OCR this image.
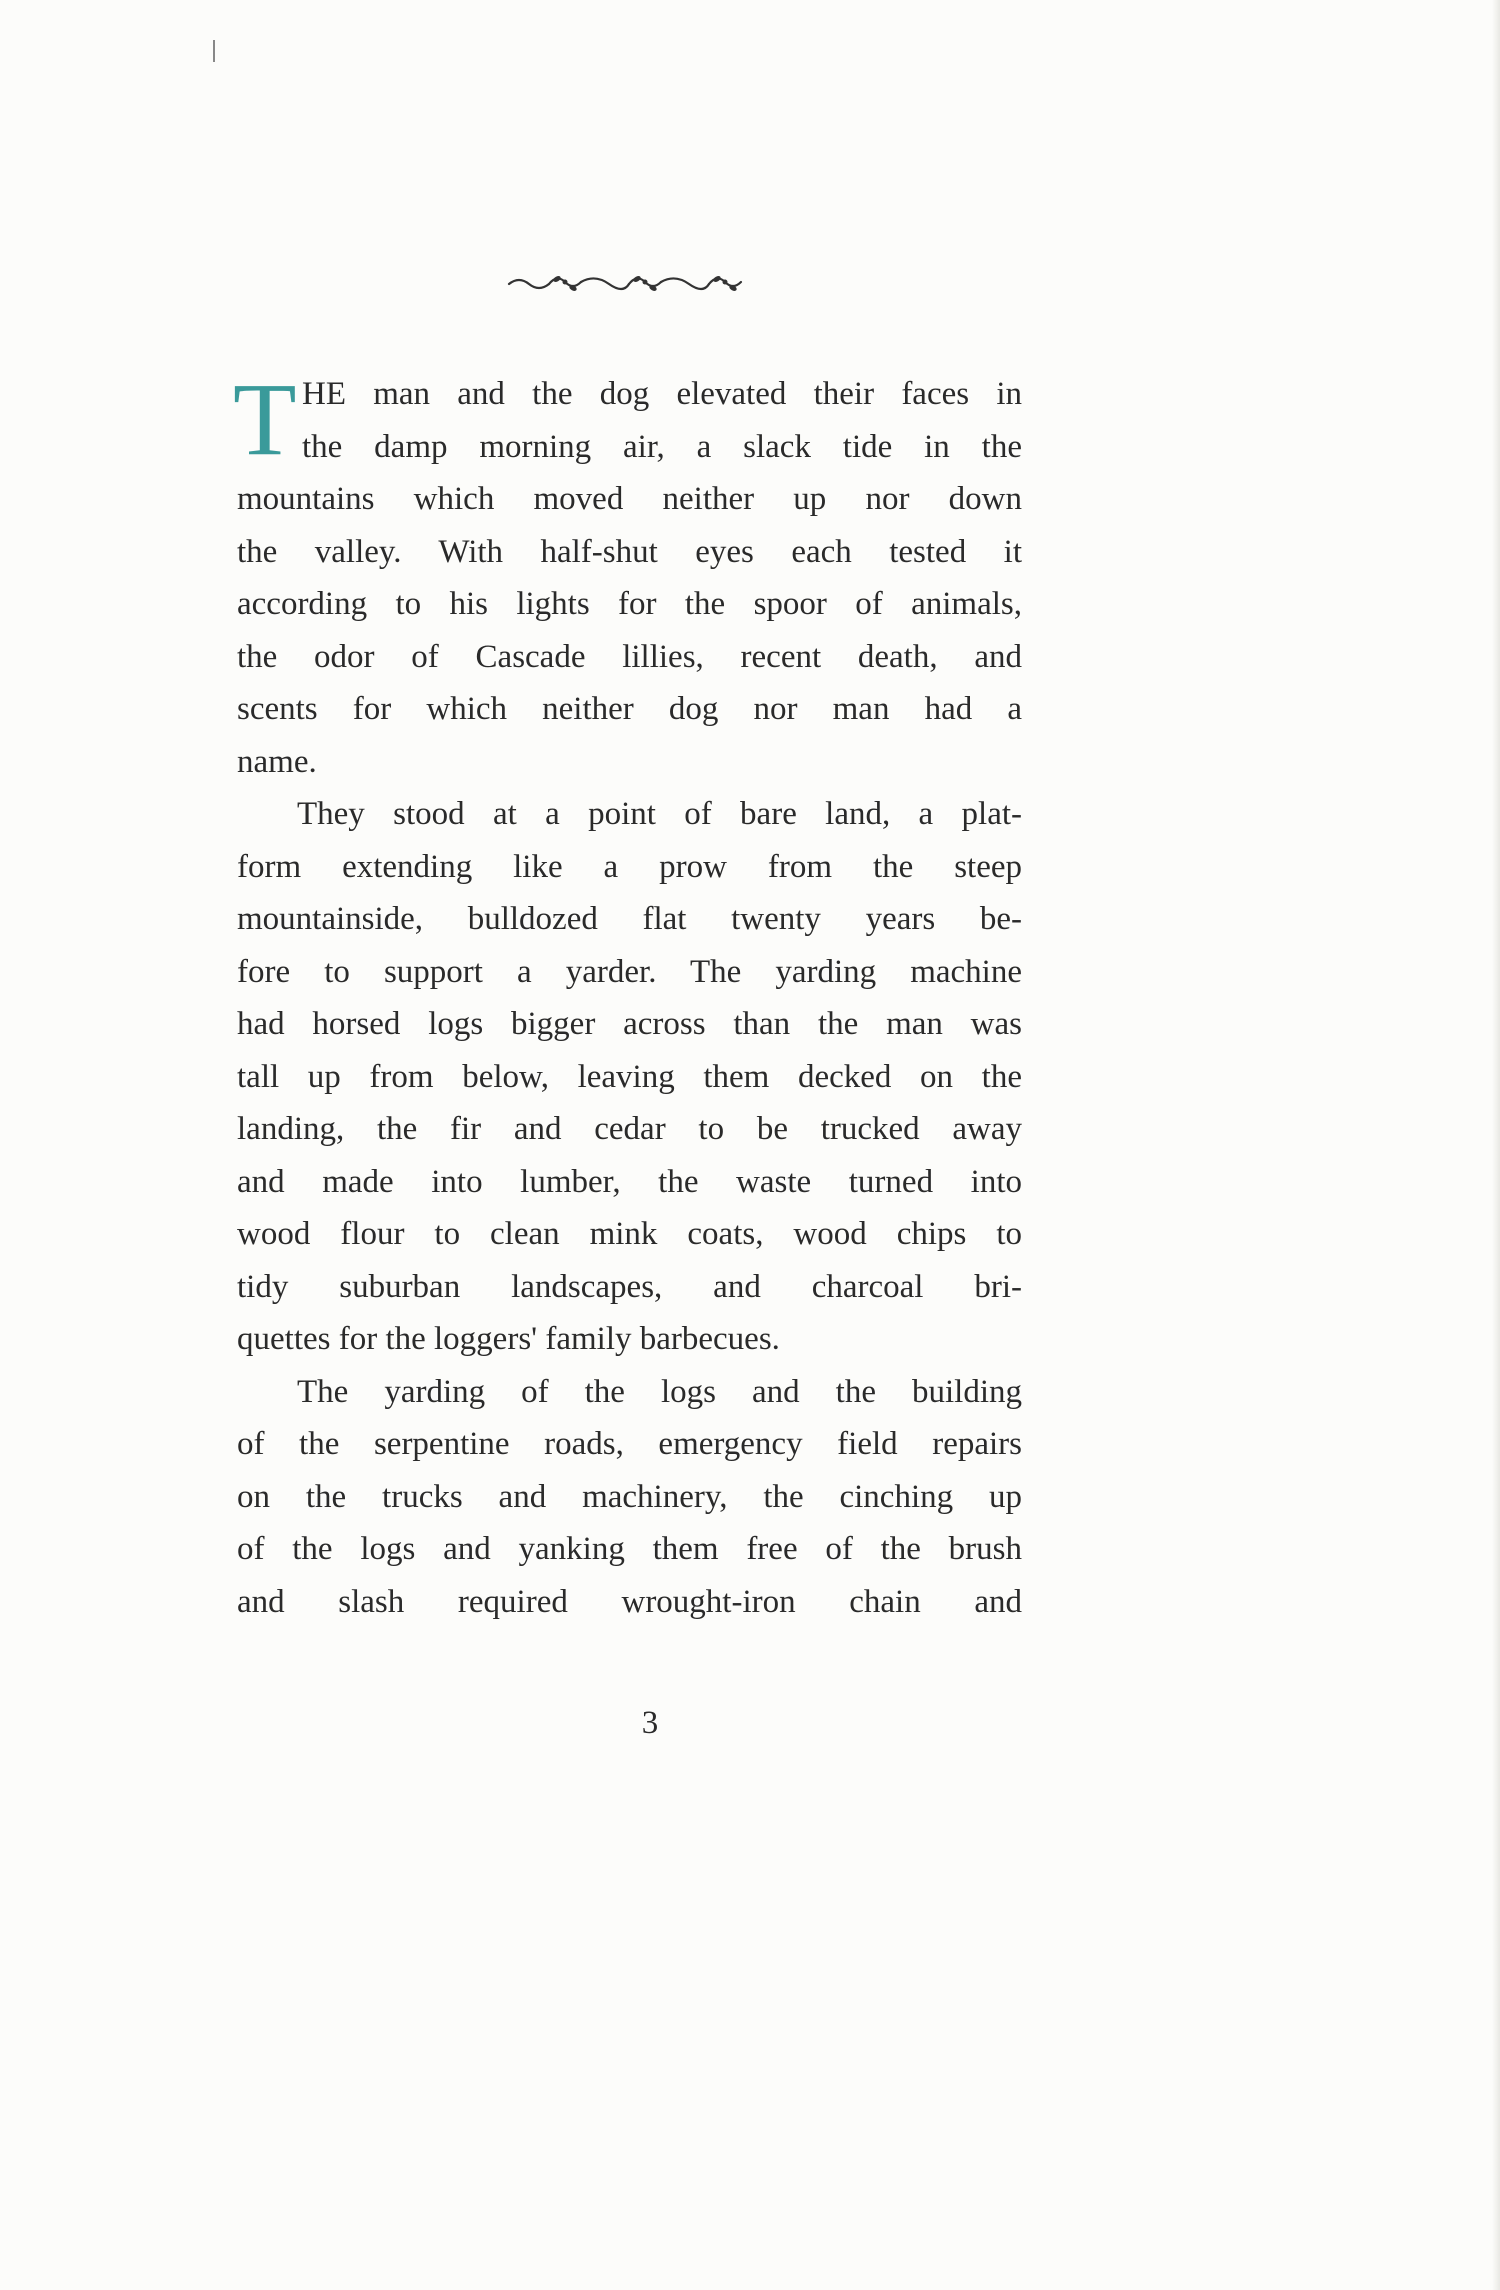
T HE man and the dog elevated their faces in
the damp morning air, a slack tide in the
mountains which moved neither up nor down
the valley. With half-shut eyes each tested it
according to his lights for the spoor of animals,
the odor of Cascade lillies, recent death, and
scents for which neither dog nor man had a
name.
They stood at a point of bare land, a plat-
form extending like a prow from the steep
mountainside, bulldozed flat twenty years be-
fore to support a yarder. The yarding machine
had horsed logs bigger across than the man was
tall up from below, leaving them decked on the
landing, the fir and cedar to be trucked away
and made into lumber, the waste turned into
wood flour to clean mink coats, wood chips to
tidy suburban landscapes, and charcoal bri-
quettes for the loggers' family barbecues.
The yarding of the logs and the building
of the serpentine roads, emergency field repairs
on the trucks and machinery, the cinching up
of the logs and yanking them free of the brush
and slash required wrought-iron chain and
3
